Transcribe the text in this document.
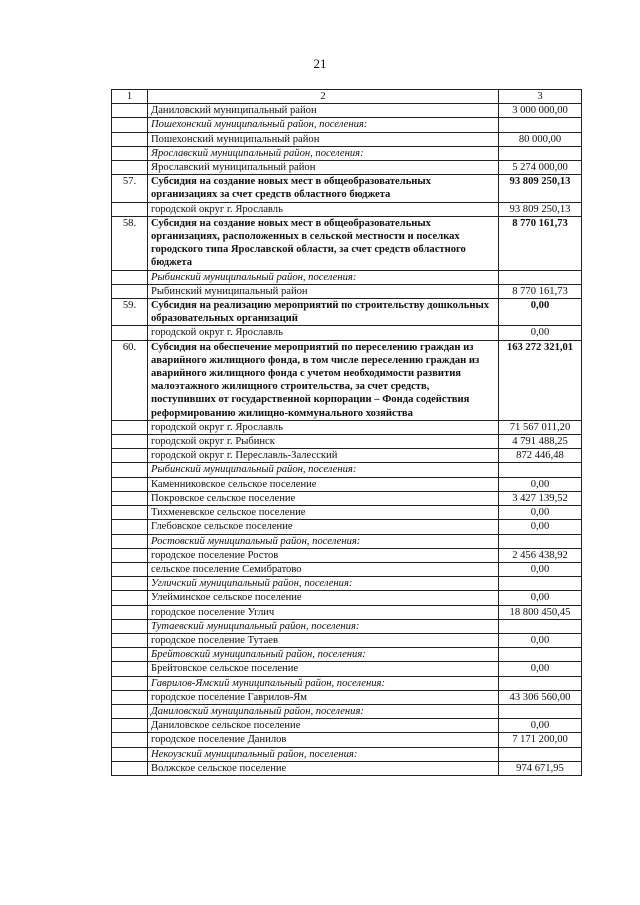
21
1	2	3
	Даниловский муниципальный район	3 000 000,00
	Пошехонский муниципальный район, поселения:	
	Пошехонский муниципальный район	80 000,00
	Ярославский муниципальный район, поселения:	
	Ярославский муниципальный район	5 274 000,00
57.	Субсидия на создание новых мест в общеобразовательных организациях за счет средств областного бюджета	93 809 250,13
	городской округ г. Ярославль	93 809 250,13
58.	Субсидия на создание новых мест в общеобразовательных организациях, расположенных в сельской местности и поселках городского типа Ярославской области, за счет средств областного бюджета	8 770 161,73
	Рыбинский муниципальный район, поселения:	
	Рыбинский муниципальный район	8 770 161,73
59.	Субсидия на реализацию мероприятий по строительству дошкольных образовательных организаций	0,00
	городской округ г. Ярославль	0,00
60.	Субсидия на обеспечение мероприятий по переселению граждан из аварийного жилищного фонда, в том числе переселению граждан из аварийного жилищного фонда с учетом необходимости развития малоэтажного жилищного строительства, за счет средств, поступивших от государственной корпорации – Фонда содействия реформированию жилищно-коммунального хозяйства	163 272 321,01
	городской округ г. Ярославль	71 567 011,20
	городской округ г. Рыбинск	4 791 488,25
	городской округ г. Переславль-Залесский	872 446,48
	Рыбинский муниципальный район, поселения:	
	Каменниковское сельское поселение	0,00
	Покровское сельское поселение	3 427 139,52
	Тихменевское сельское поселение	0,00
	Глебовское сельское поселение	0,00
	Ростовский муниципальный район, поселения:	
	городское поселение Ростов	2 456 438,92
	сельское поселение Семибратово	0,00
	Угличский муниципальный район, поселения:	
	Улейминское сельское поселение	0,00
	городское поселение Углич	18 800 450,45
	Тутаевский муниципальный район, поселения:	
	городское поселение Тутаев	0,00
	Брейтовский муниципальный район, поселения:	
	Брейтовское сельское поселение	0,00
	Гаврилов-Ямский муниципальный район, поселения:	
	городское поселение Гаврилов-Ям	43 306 560,00
	Даниловский муниципальный район, поселения:	
	Даниловское сельское поселение	0,00
	городское поселение Данилов	7 171 200,00
	Некоузский муниципальный район, поселения:	
	Волжское сельское поселение	974 671,95
